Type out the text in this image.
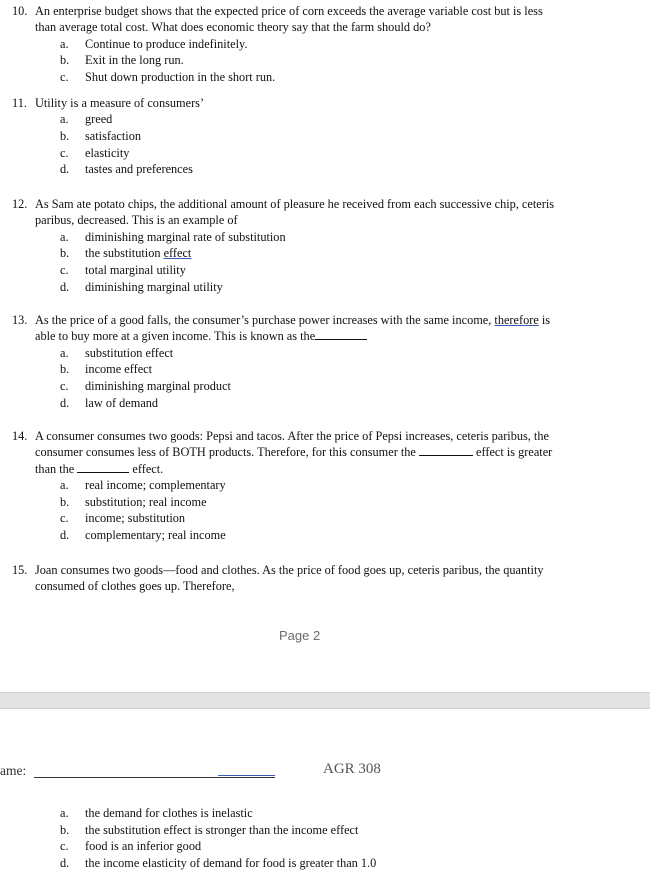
10. An enterprise budget shows that the expected price of corn exceeds the average variable cost but is less
than average total cost. What does economic theory say that the farm should do?
a. Continue to produce indefinitely.
b. Exit in the long run.
c. Shut down production in the short run.
11. Utility is a measure of consumers’
a. greed
b. satisfaction
c. elasticity
d. tastes and preferences
12. As Sam ate potato chips, the additional amount of pleasure he received from each successive chip, ceteris
paribus, decreased. This is an example of
a. diminishing marginal rate of substitution
b. the substitution effect
c. total marginal utility
d. diminishing marginal utility
13. As the price of a good falls, the consumer’s purchase power increases with the same income, therefore is
able to buy more at a given income. This is known as the
a. substitution effect
b. income effect
c. diminishing marginal product
d. law of demand
14. A consumer consumes two goods: Pepsi and tacos. After the price of Pepsi increases, ceteris paribus, the
consumer consumes less of BOTH products. Therefore, for this consumer the	effect is greater
than the	effect.
a. real income; complementary
b. substitution; real income
c. income; substitution
d. complementary; real income
15. Joan consumes two goods—food and clothes. As the price of food goes up, ceteris paribus, the quantity
consumed of clothes goes up. Therefore,
Page 2
ame:	AGR 308
a. the demand for clothes is inelastic
b. the substitution effect is stronger than the income effect
c. food is an inferior good
d. the income elasticity of demand for food is greater than 1.0
